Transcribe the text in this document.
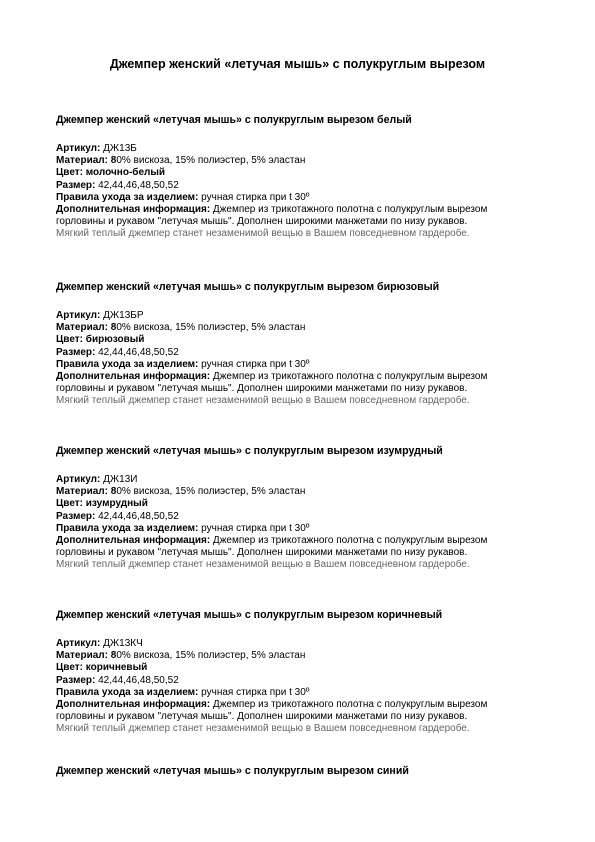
Джемпер женский «летучая мышь» с полукруглым вырезом
Джемпер женский «летучая мышь» с полукруглым вырезом белый
Артикул: ДЖ13Б
Материал: 80% вискоза, 15% полиэстер, 5% эластан
Цвет: молочно-белый
Размер: 42,44,46,48,50,52
Правила ухода за изделием: ручная стирка при t 30º
Дополнительная информация: Джемпер из трикотажного полотна с полукруглым вырезом
горловины и рукавом "летучая мышь". Дополнен широкими манжетами по низу рукавов.
Мягкий теплый джемпер станет незаменимой вещью в Вашем повседневном гардеробе.
Джемпер женский «летучая мышь» с полукруглым вырезом бирюзовый
Артикул: ДЖ13БР
Материал: 80% вискоза, 15% полиэстер, 5% эластан
Цвет: бирюзовый
Размер: 42,44,46,48,50,52
Правила ухода за изделием: ручная стирка при t 30º
Дополнительная информация: Джемпер из трикотажного полотна с полукруглым вырезом
горловины и рукавом "летучая мышь". Дополнен широкими манжетами по низу рукавов.
Мягкий теплый джемпер станет незаменимой вещью в Вашем повседневном гардеробе.
Джемпер женский «летучая мышь» с полукруглым вырезом изумрудный
Артикул: ДЖ13И
Материал: 80% вискоза, 15% полиэстер, 5% эластан
Цвет: изумрудный
Размер: 42,44,46,48,50,52
Правила ухода за изделием: ручная стирка при t 30º
Дополнительная информация: Джемпер из трикотажного полотна с полукруглым вырезом
горловины и рукавом "летучая мышь". Дополнен широкими манжетами по низу рукавов.
Мягкий теплый джемпер станет незаменимой вещью в Вашем повседневном гардеробе.
Джемпер женский «летучая мышь» с полукруглым вырезом коричневый
Артикул: ДЖ13КЧ
Материал: 80% вискоза, 15% полиэстер, 5% эластан
Цвет: коричневый
Размер: 42,44,46,48,50,52
Правила ухода за изделием: ручная стирка при t 30º
Дополнительная информация: Джемпер из трикотажного полотна с полукруглым вырезом
горловины и рукавом "летучая мышь". Дополнен широкими манжетами по низу рукавов.
Мягкий теплый джемпер станет незаменимой вещью в Вашем повседневном гардеробе.
Джемпер женский «летучая мышь» с полукруглым вырезом синий
